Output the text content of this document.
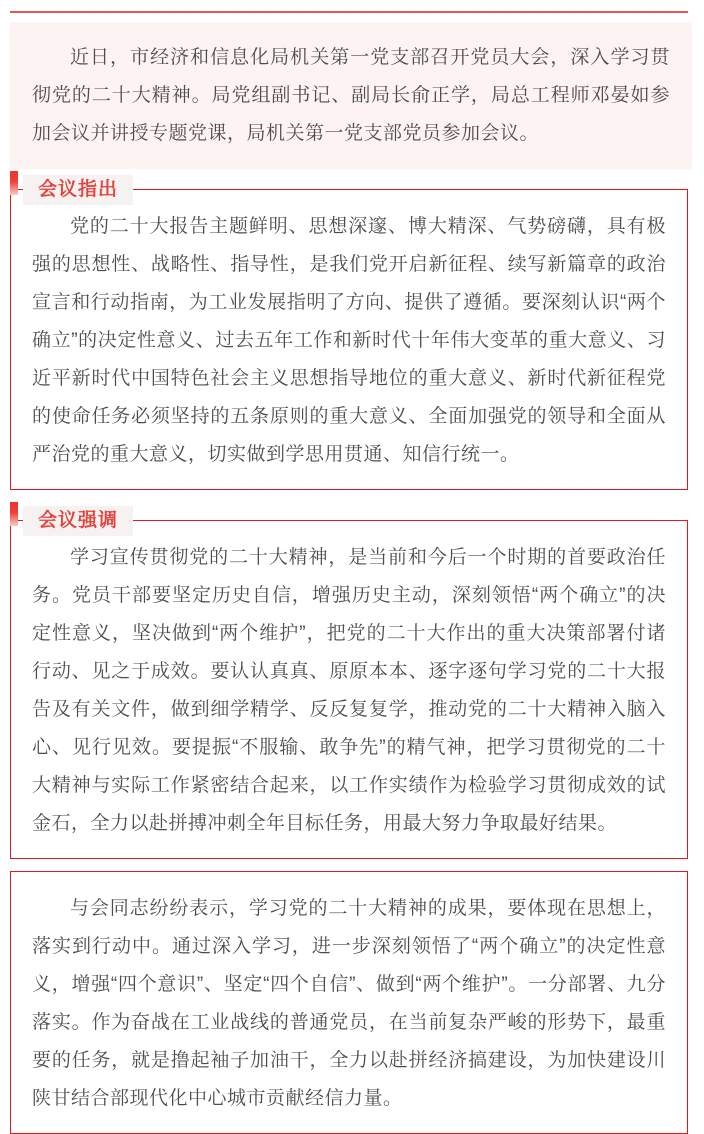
近日，市经济和信息化局机关第一党支部召开党员大会，深入学习贯彻党的二十大精神。局党组副书记、副局长俞正学，局总工程师邓晏如参加会议并讲授专题党课，局机关第一党支部党员参加会议。

会议指出

党的二十大报告主题鲜明、思想深邃、博大精深、气势磅礴，具有极强的思想性、战略性、指导性，是我们党开启新征程、续写新篇章的政治宣言和行动指南，为工业发展指明了方向、提供了遵循。要深刻认识“两个确立”的决定性意义、过去五年工作和新时代十年伟大变革的重大意义、习近平新时代中国特色社会主义思想指导地位的重大意义、新时代新征程党的使命任务必须坚持的五条原则的重大意义、全面加强党的领导和全面从严治党的重大意义，切实做到学思用贯通、知信行统一。

会议强调

学习宣传贯彻党的二十大精神，是当前和今后一个时期的首要政治任务。党员干部要坚定历史自信，增强历史主动，深刻领悟“两个确立”的决定性意义，坚决做到“两个维护”，把党的二十大作出的重大决策部署付诸行动、见之于成效。要认认真真、原原本本、逐字逐句学习党的二十大报告及有关文件，做到细学精学、反反复复学，推动党的二十大精神入脑入心、见行见效。要提振“不服输、敢争先”的精气神，把学习贯彻党的二十大精神与实际工作紧密结合起来，以工作实绩作为检验学习贯彻成效的试金石，全力以赴拼搏冲刺全年目标任务，用最大努力争取最好结果。

与会同志纷纷表示，学习党的二十大精神的成果，要体现在思想上，落实到行动中。通过深入学习，进一步深刻领悟了“两个确立”的决定性意义，增强“四个意识”、坚定“四个自信”、做到“两个维护”。一分部署、九分落实。作为奋战在工业战线的普通党员，在当前复杂严峻的形势下，最重要的任务，就是撸起袖子加油干，全力以赴拼经济搞建设，为加快建设川陕甘结合部现代化中心城市贡献经信力量。
